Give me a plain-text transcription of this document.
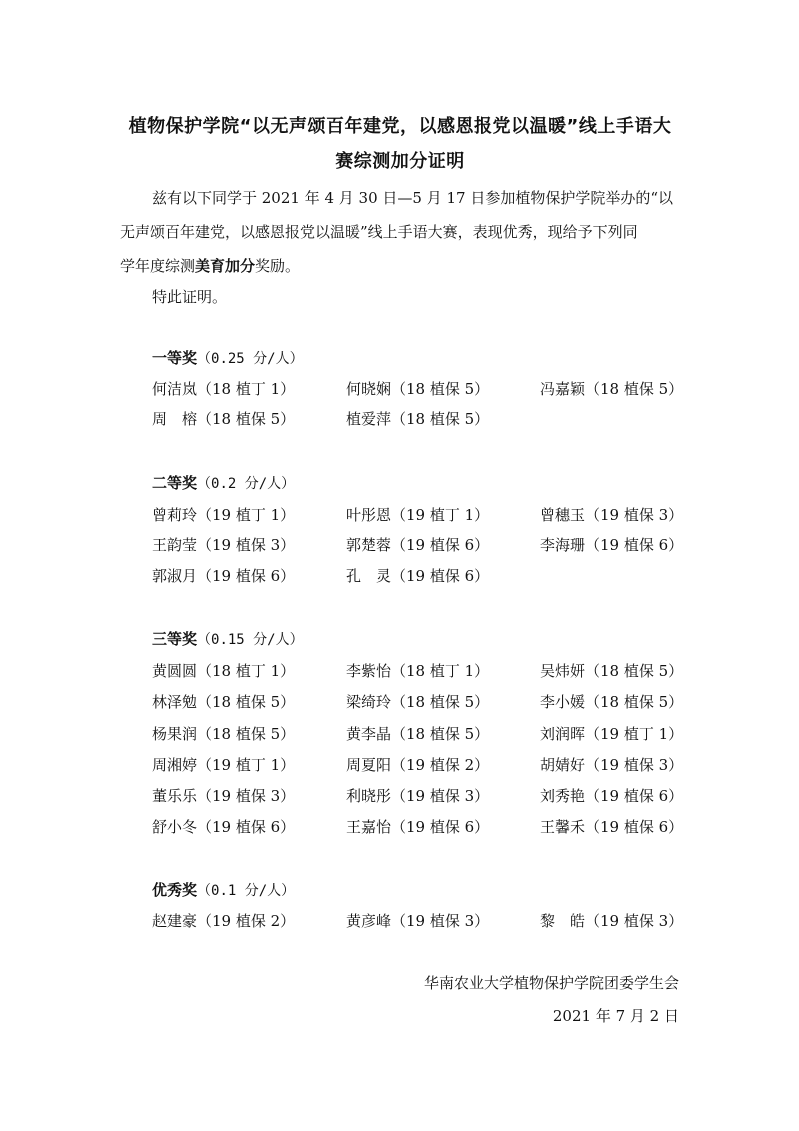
植物保护学院“以无声颂百年建党，以感恩报党以温暖”线上手语大
赛综测加分证明
兹有以下同学于 2021 年 4 月 30 日—5 月 17 日参加植物保护学院举办的“以
无声颂百年建党，以感恩报党以温暖”线上手语大赛，表现优秀，现给予下列同
学年度综测美育加分奖励。
特此证明。
一等奖（0.25 分/人）
何洁岚（18 植丁 1）	何晓娴（18 植保 5）	冯嘉颖（18 植保 5）
周　榕（18 植保 5）	植爱萍（18 植保 5）
二等奖（0.2 分/人）
曾莉玲（19 植丁 1）	叶彤恩（19 植丁 1）	曾穗玉（19 植保 3）
王韵莹（19 植保 3）	郭楚蓉（19 植保 6）	李海珊（19 植保 6）
郭淑月（19 植保 6）	孔　灵（19 植保 6）
三等奖（0.15 分/人）
黄圆圆（18 植丁 1）	李紫怡（18 植丁 1）	吴炜妍（18 植保 5）
林泽勉（18 植保 5）	梁绮玲（18 植保 5）	李小媛（18 植保 5）
杨果润（18 植保 5）	黄李晶（18 植保 5）	刘润晖（19 植丁 1）
周湘婷（19 植丁 1）	周夏阳（19 植保 2）	胡婧好（19 植保 3）
董乐乐（19 植保 3）	利晓彤（19 植保 3）	刘秀艳（19 植保 6）
舒小冬（19 植保 6）	王嘉怡（19 植保 6）	王馨禾（19 植保 6）
优秀奖（0.1 分/人）
赵建豪（19 植保 2）	黄彦峰（19 植保 3）	黎　皓（19 植保 3）
华南农业大学植物保护学院团委学生会
2021 年 7 月 2 日
